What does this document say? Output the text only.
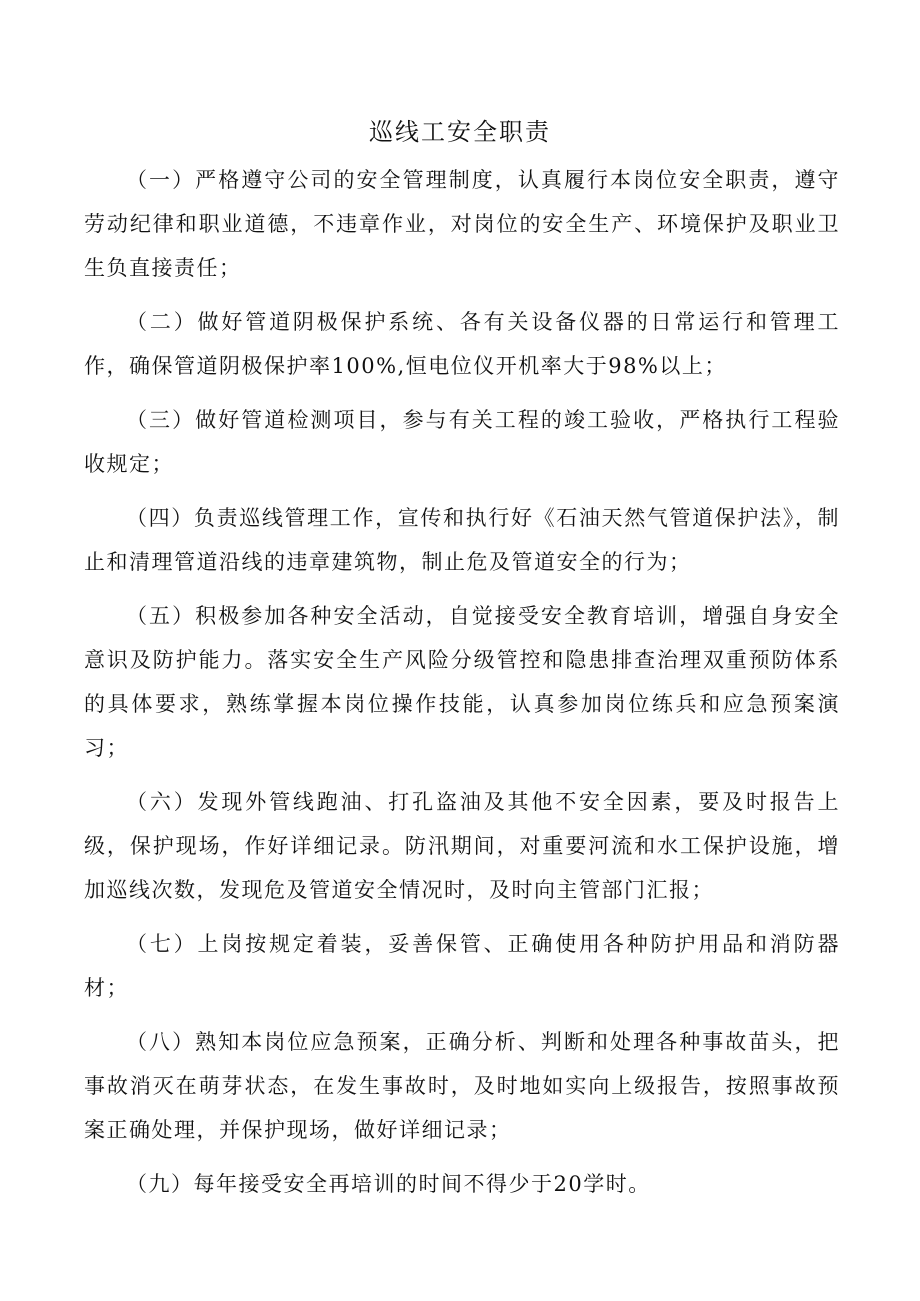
巡线工安全职责

（一）严格遵守公司的安全管理制度，认真履行本岗位安全职责，遵守劳动纪律和职业道德，不违章作业，对岗位的安全生产、环境保护及职业卫生负直接责任；

（二）做好管道阴极保护系统、各有关设备仪器的日常运行和管理工作，确保管道阴极保护率100%,恒电位仪开机率大于98%以上；

（三）做好管道检测项目，参与有关工程的竣工验收，严格执行工程验收规定；

（四）负责巡线管理工作，宣传和执行好《石油天然气管道保护法》，制止和清理管道沿线的违章建筑物，制止危及管道安全的行为；

（五）积极参加各种安全活动，自觉接受安全教育培训，增强自身安全意识及防护能力。落实安全生产风险分级管控和隐患排查治理双重预防体系的具体要求，熟练掌握本岗位操作技能，认真参加岗位练兵和应急预案演习；

（六）发现外管线跑油、打孔盗油及其他不安全因素，要及时报告上级，保护现场，作好详细记录。防汛期间，对重要河流和水工保护设施，增加巡线次数，发现危及管道安全情况时，及时向主管部门汇报；

（七）上岗按规定着装，妥善保管、正确使用各种防护用品和消防器材；

（八）熟知本岗位应急预案，正确分析、判断和处理各种事故苗头，把事故消灭在萌芽状态，在发生事故时，及时地如实向上级报告，按照事故预案正确处理，并保护现场，做好详细记录；

（九）每年接受安全再培训的时间不得少于20学时。
